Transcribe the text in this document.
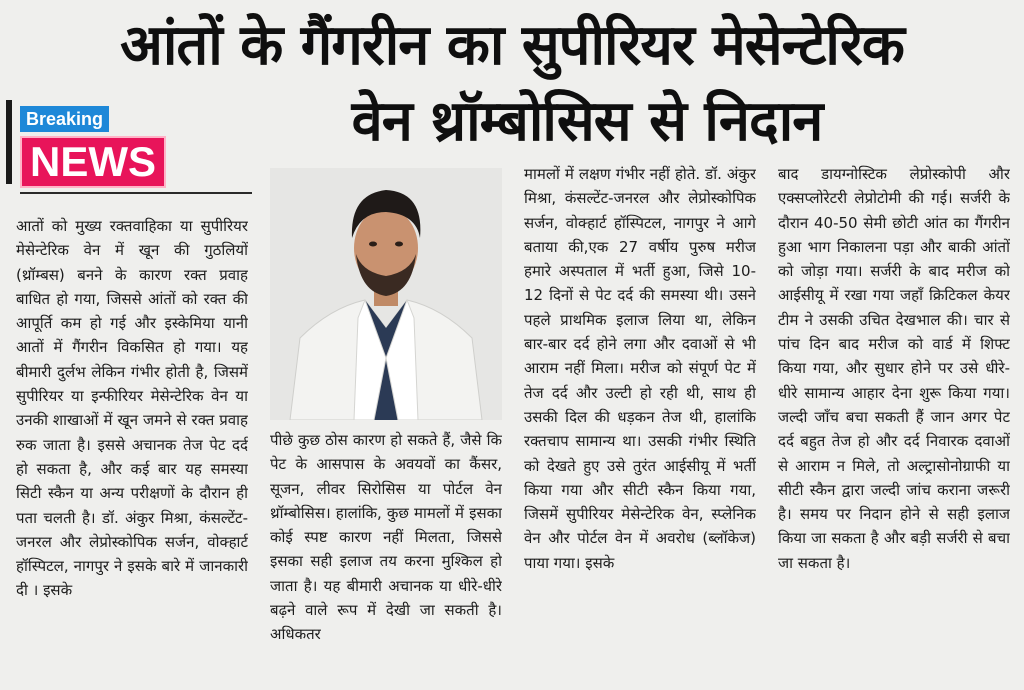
आंतों के गैंगरीन का सुपीरियर मेसेन्टेरिक
वेन थ्रॉम्बोसिस से निदान
Breaking
NEWS
आतों को मुख्य रक्तवाहिका या सुपीरियर मेसेन्टेरिक वेन में खून की गुठलियों (थ्रॉम्बस) बनने के कारण रक्त प्रवाह बाधित हो गया, जिससे आंतों को रक्त की आपूर्ति कम हो गई और इस्केमिया यानी आतों में गैंगरीन विकसित हो गया। यह बीमारी दुर्लभ लेकिन गंभीर होती है, जिसमें सुपीरियर या इन्फीरियर मेसेन्टेरिक वेन या उनकी शाखाओं में खून जमने से रक्त प्रवाह रुक जाता है। इससे अचानक तेज पेट दर्द हो सकता है, और कई बार यह समस्या सिटी स्कैन या अन्य परीक्षणों के दौरान ही पता चलती है। डॉ. अंकुर मिश्रा, कंसल्टेंट-जनरल और लेप्रोस्कोपिक सर्जन, वोक्हार्ट हॉस्पिटल, नागपुर ने इसके बारे में जानकारी दी । इसके
पीछे कुछ ठोस कारण हो सकते हैं, जैसे कि पेट के आसपास के अवयवों का कैंसर, सूजन, लीवर सिरोसिस या पोर्टल वेन थ्रॉम्बोसिस। हालांकि, कुछ मामलों में इसका कोई स्पष्ट कारण नहीं मिलता, जिससे इसका सही इलाज तय करना मुश्किल हो जाता है। यह बीमारी अचानक या धीरे-धीरे बढ़ने वाले रूप में देखी जा सकती है। अधिकतर
मामलों में लक्षण गंभीर नहीं होते. डॉ. अंकुर मिश्रा, कंसल्टेंट-जनरल और लेप्रोस्कोपिक सर्जन, वोक्हार्ट हॉस्पिटल, नागपुर ने आगे बताया की,एक 27 वर्षीय पुरुष मरीज हमारे अस्पताल में भर्ती हुआ, जिसे 10-12 दिनों से पेट दर्द की समस्या थी। उसने पहले प्राथमिक इलाज लिया था, लेकिन बार-बार दर्द होने लगा और दवाओं से भी आराम नहीं मिला। मरीज को संपूर्ण पेट में तेज दर्द और उल्टी हो रही थी, साथ ही उसकी दिल की धड़कन तेज थी, हालांकि रक्तचाप सामान्य था। उसकी गंभीर स्थिति को देखते हुए उसे तुरंत आईसीयू में भर्ती किया गया और सीटी स्कैन किया गया, जिसमें सुपीरियर मेसेन्टेरिक वेन, स्प्लेनिक वेन और पोर्टल वेन में अवरोध (ब्लॉकेज) पाया गया। इसके
बाद डायग्नोस्टिक लेप्रोस्कोपी और एक्सप्लोरेटरी लेप्रोटोमी की गई। सर्जरी के दौरान 40-50 सेमी छोटी आंत का गैंगरीन हुआ भाग निकालना पड़ा और बाकी आंतों को जोड़ा गया। सर्जरी के बाद मरीज को आईसीयू में रखा गया जहाँ क्रिटिकल केयर टीम ने उसकी उचित देखभाल की। चार से पांच दिन बाद मरीज को वार्ड में शिफ्ट किया गया, और सुधार होने पर उसे धीरे-धीरे सामान्य आहार देना शुरू किया गया। जल्दी जाँच बचा सकती हैं जान अगर पेट दर्द बहुत तेज हो और दर्द निवारक दवाओं से आराम न मिले, तो अल्ट्रासोनोग्राफी या सीटी स्कैन द्वारा जल्दी जांच कराना जरूरी है। समय पर निदान होने से सही इलाज किया जा सकता है और बड़ी सर्जरी से बचा जा सकता है।
